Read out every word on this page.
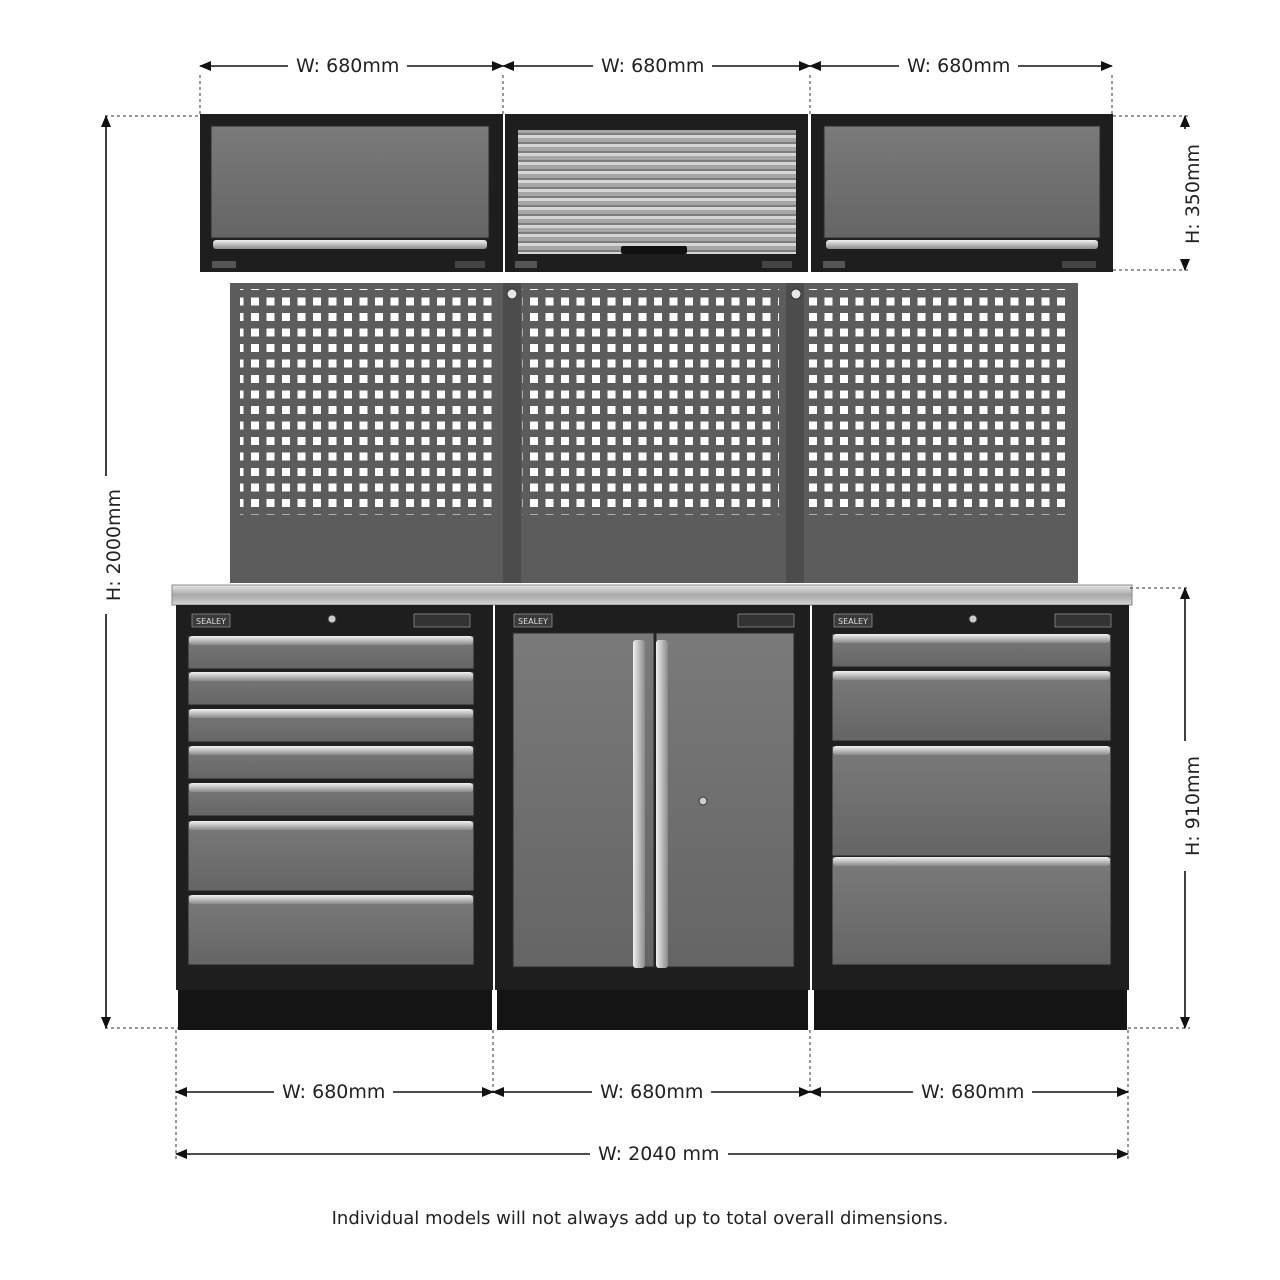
SEALEY	SEALEY	SEALEY
W: 680mm	W: 680mm	W: 680mm
H: 2000mm
H: 350mm
H: 910mm
W: 680mm	W: 680mm	W: 680mm
W: 2040 mm
Individual models will not always add up to total overall dimensions.
